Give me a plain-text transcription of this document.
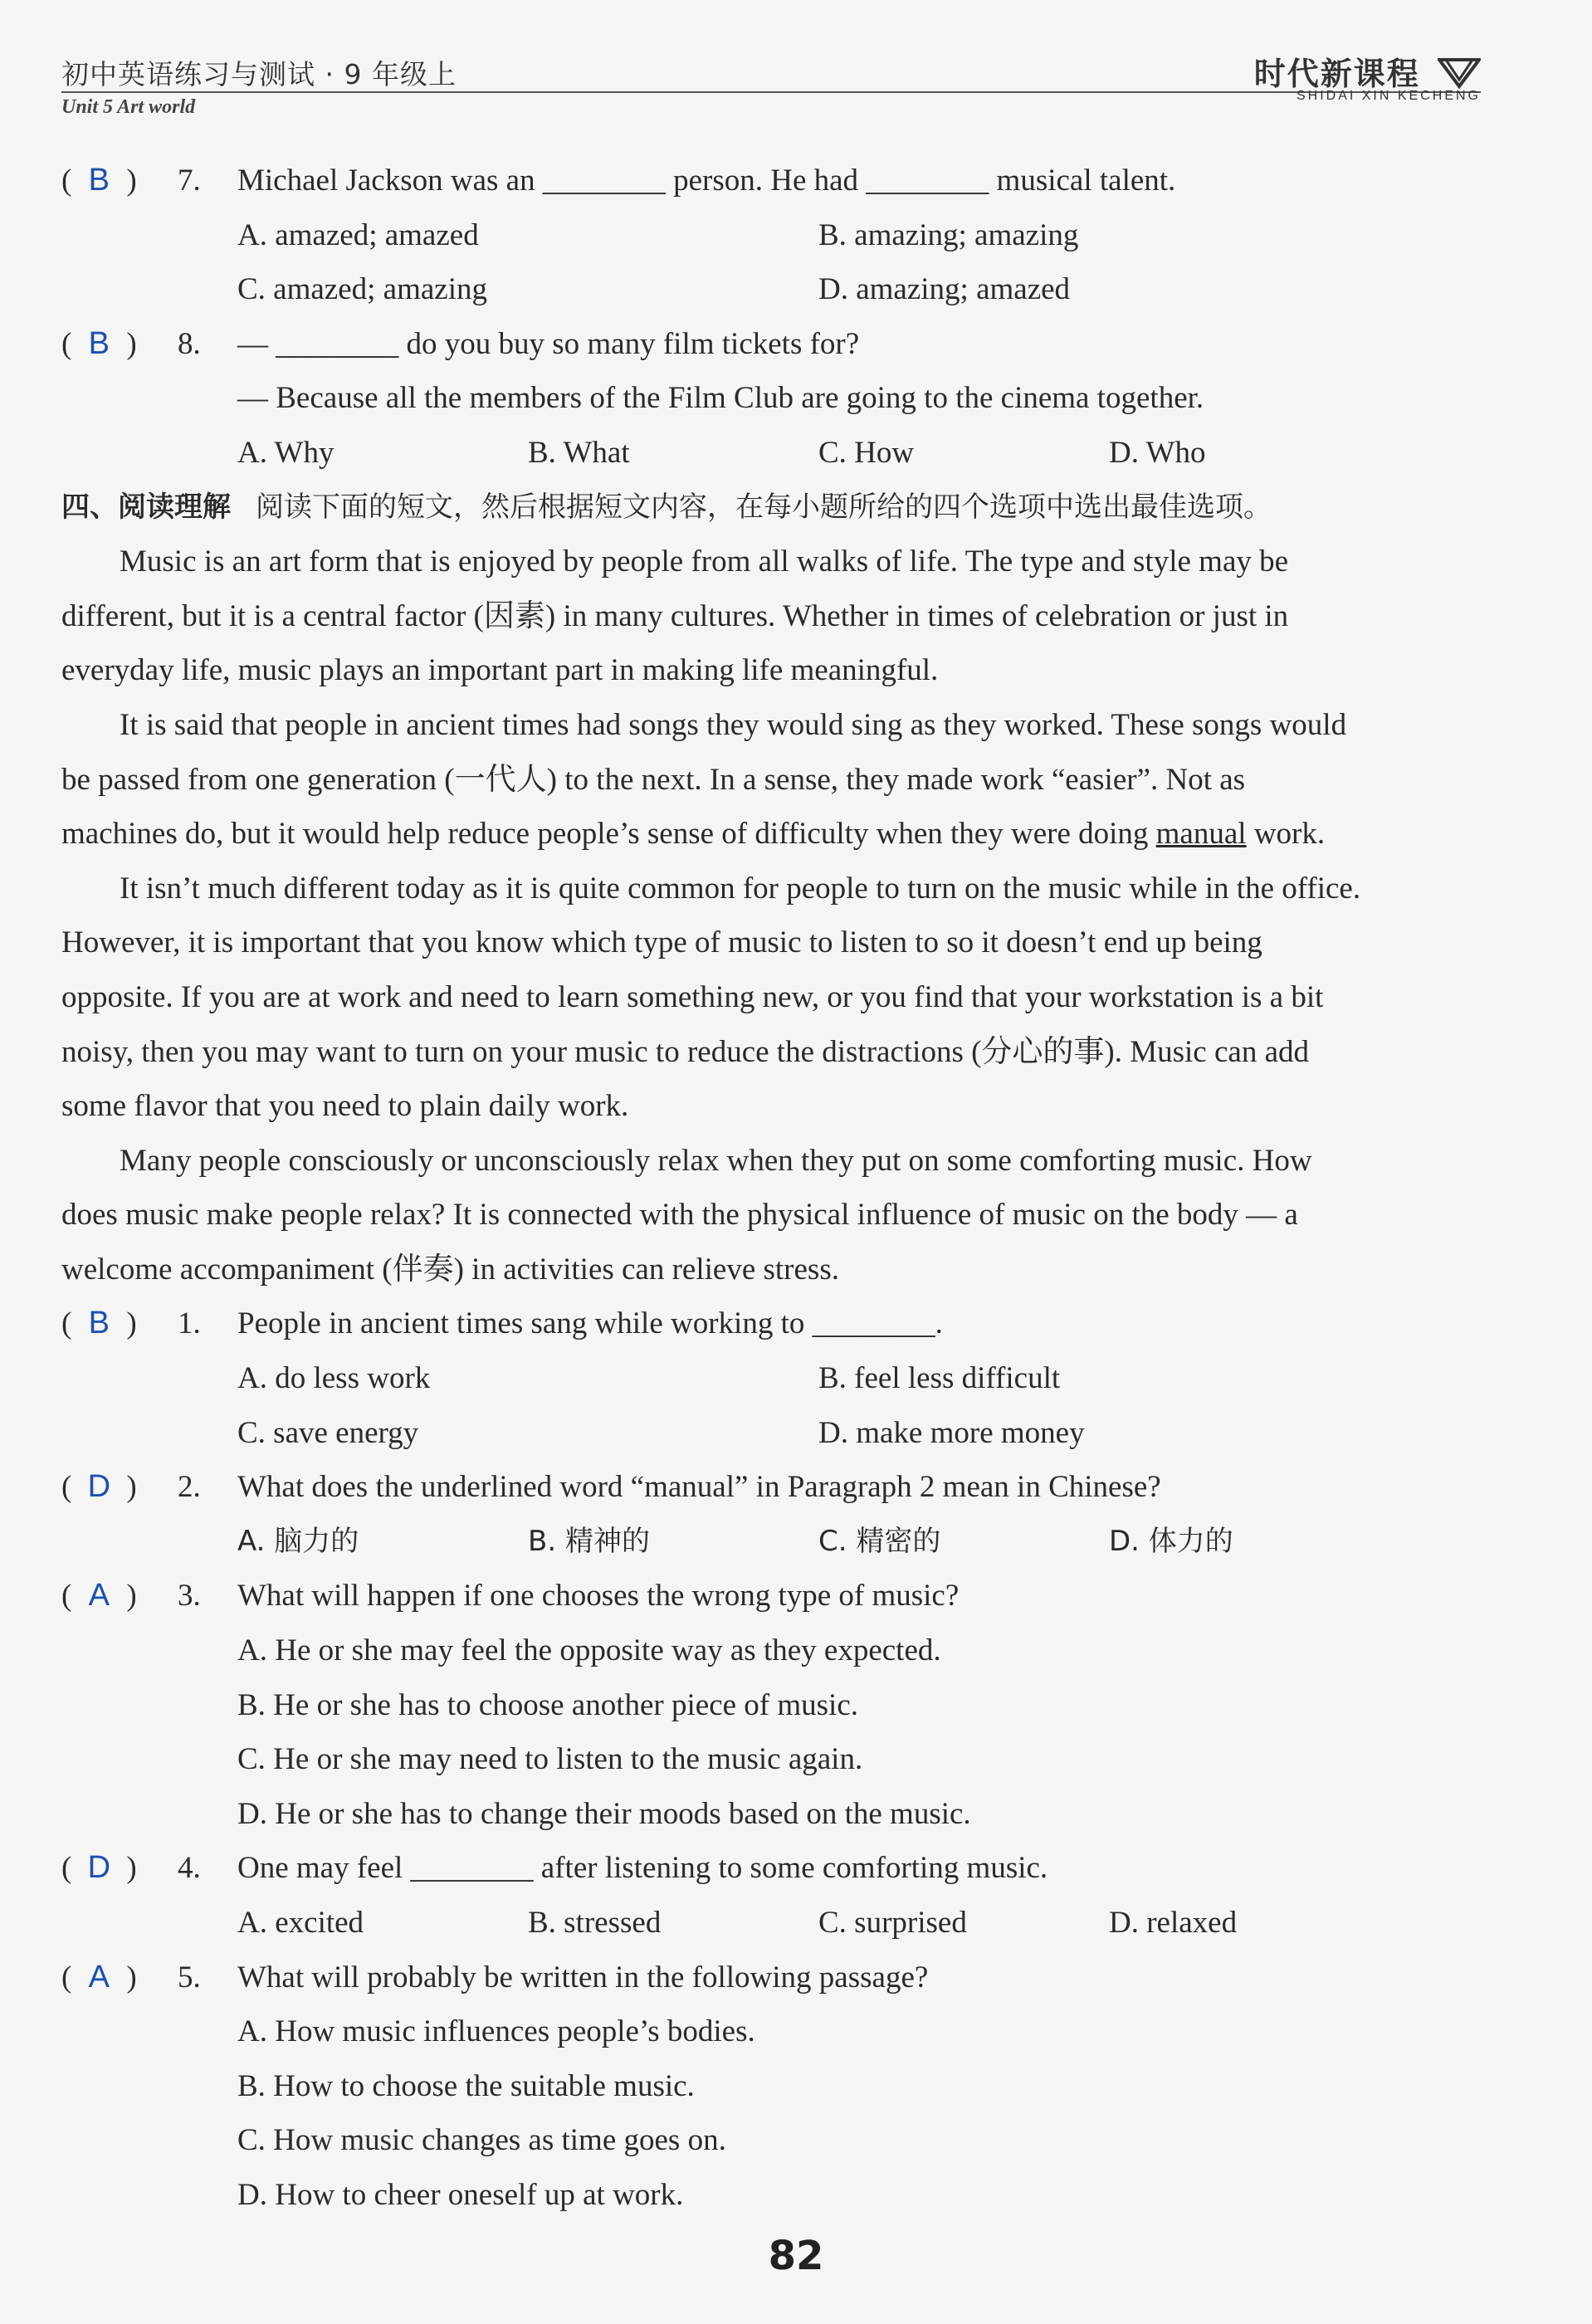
初中英语练习与测试 · 9 年级上
Unit 5 Art world
时代新课程
SHIDAI XIN KECHENG
( B )	7. Michael Jackson was an ________ person. He had ________ musical talent.
A. amazed; amazed	B. amazing; amazing
C. amazed; amazing	D. amazing; amazed
( B )	8. — ________ do you buy so many film tickets for?
— Because all the members of the Film Club are going to the cinema together.
A. Why	B. What	C. How	D. Who
四、阅读理解 阅读下面的短文，然后根据短文内容，在每小题所给的四个选项中选出最佳选项。
Music is an art form that is enjoyed by people from all walks of life. The type and style may be
different, but it is a central factor (因素) in many cultures. Whether in times of celebration or just in
everyday life, music plays an important part in making life meaningful.
It is said that people in ancient times had songs they would sing as they worked. These songs would
be passed from one generation (一代人) to the next. In a sense, they made work “easier”. Not as
machines do, but it would help reduce people’s sense of difficulty when they were doing manual work.
It isn’t much different today as it is quite common for people to turn on the music while in the office.
However, it is important that you know which type of music to listen to so it doesn’t end up being
opposite. If you are at work and need to learn something new, or you find that your workstation is a bit
noisy, then you may want to turn on your music to reduce the distractions (分心的事). Music can add
some flavor that you need to plain daily work.
Many people consciously or unconsciously relax when they put on some comforting music. How
does music make people relax? It is connected with the physical influence of music on the body — a
welcome accompaniment (伴奏) in activities can relieve stress.
( B )	1. People in ancient times sang while working to ________.
A. do less work	B. feel less difficult
C. save energy	D. make more money
( D )	2. What does the underlined word “manual” in Paragraph 2 mean in Chinese?
A. 脑力的	B. 精神的	C. 精密的	D. 体力的
( A )	3. What will happen if one chooses the wrong type of music?
A. He or she may feel the opposite way as they expected.
B. He or she has to choose another piece of music.
C. He or she may need to listen to the music again.
D. He or she has to change their moods based on the music.
( D )	4. One may feel ________ after listening to some comforting music.
A. excited	B. stressed	C. surprised	D. relaxed
( A )	5. What will probably be written in the following passage?
A. How music influences people’s bodies.
B. How to choose the suitable music.
C. How music changes as time goes on.
D. How to cheer oneself up at work.
82
